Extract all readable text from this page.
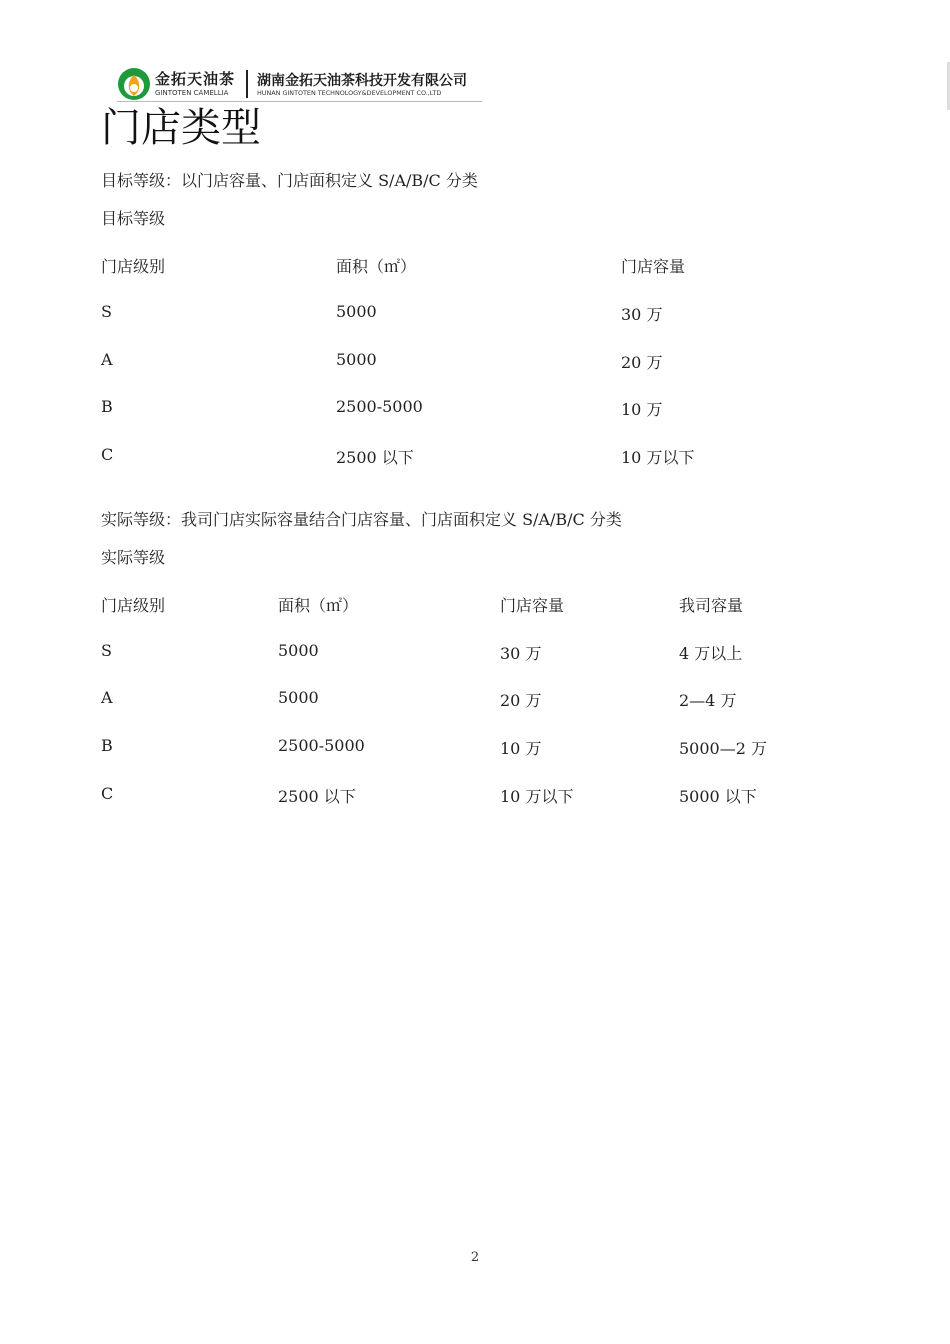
金拓天油茶
GINTOTEN CAMELLIA
湖南金拓天油茶科技开发有限公司
HUNAN GINTOTEN TECHNOLOGY&DEVELOPMENT CO.,LTD
门店类型
目标等级：以门店容量、门店面积定义 S/A/B/C 分类
目标等级
门店级别	面积（㎡）	门店容量
S	5000	30 万
A	5000	20 万
B	2500-5000	10 万
C	2500 以下	10 万以下
实际等级：我司门店实际容量结合门店容量、门店面积定义 S/A/B/C 分类
实际等级
门店级别	面积（㎡）	门店容量	我司容量
S	5000	30 万	4 万以上
A	5000	20 万	2—4 万
B	2500-5000	10 万	5000—2 万
C	2500 以下	10 万以下	5000 以下
2
